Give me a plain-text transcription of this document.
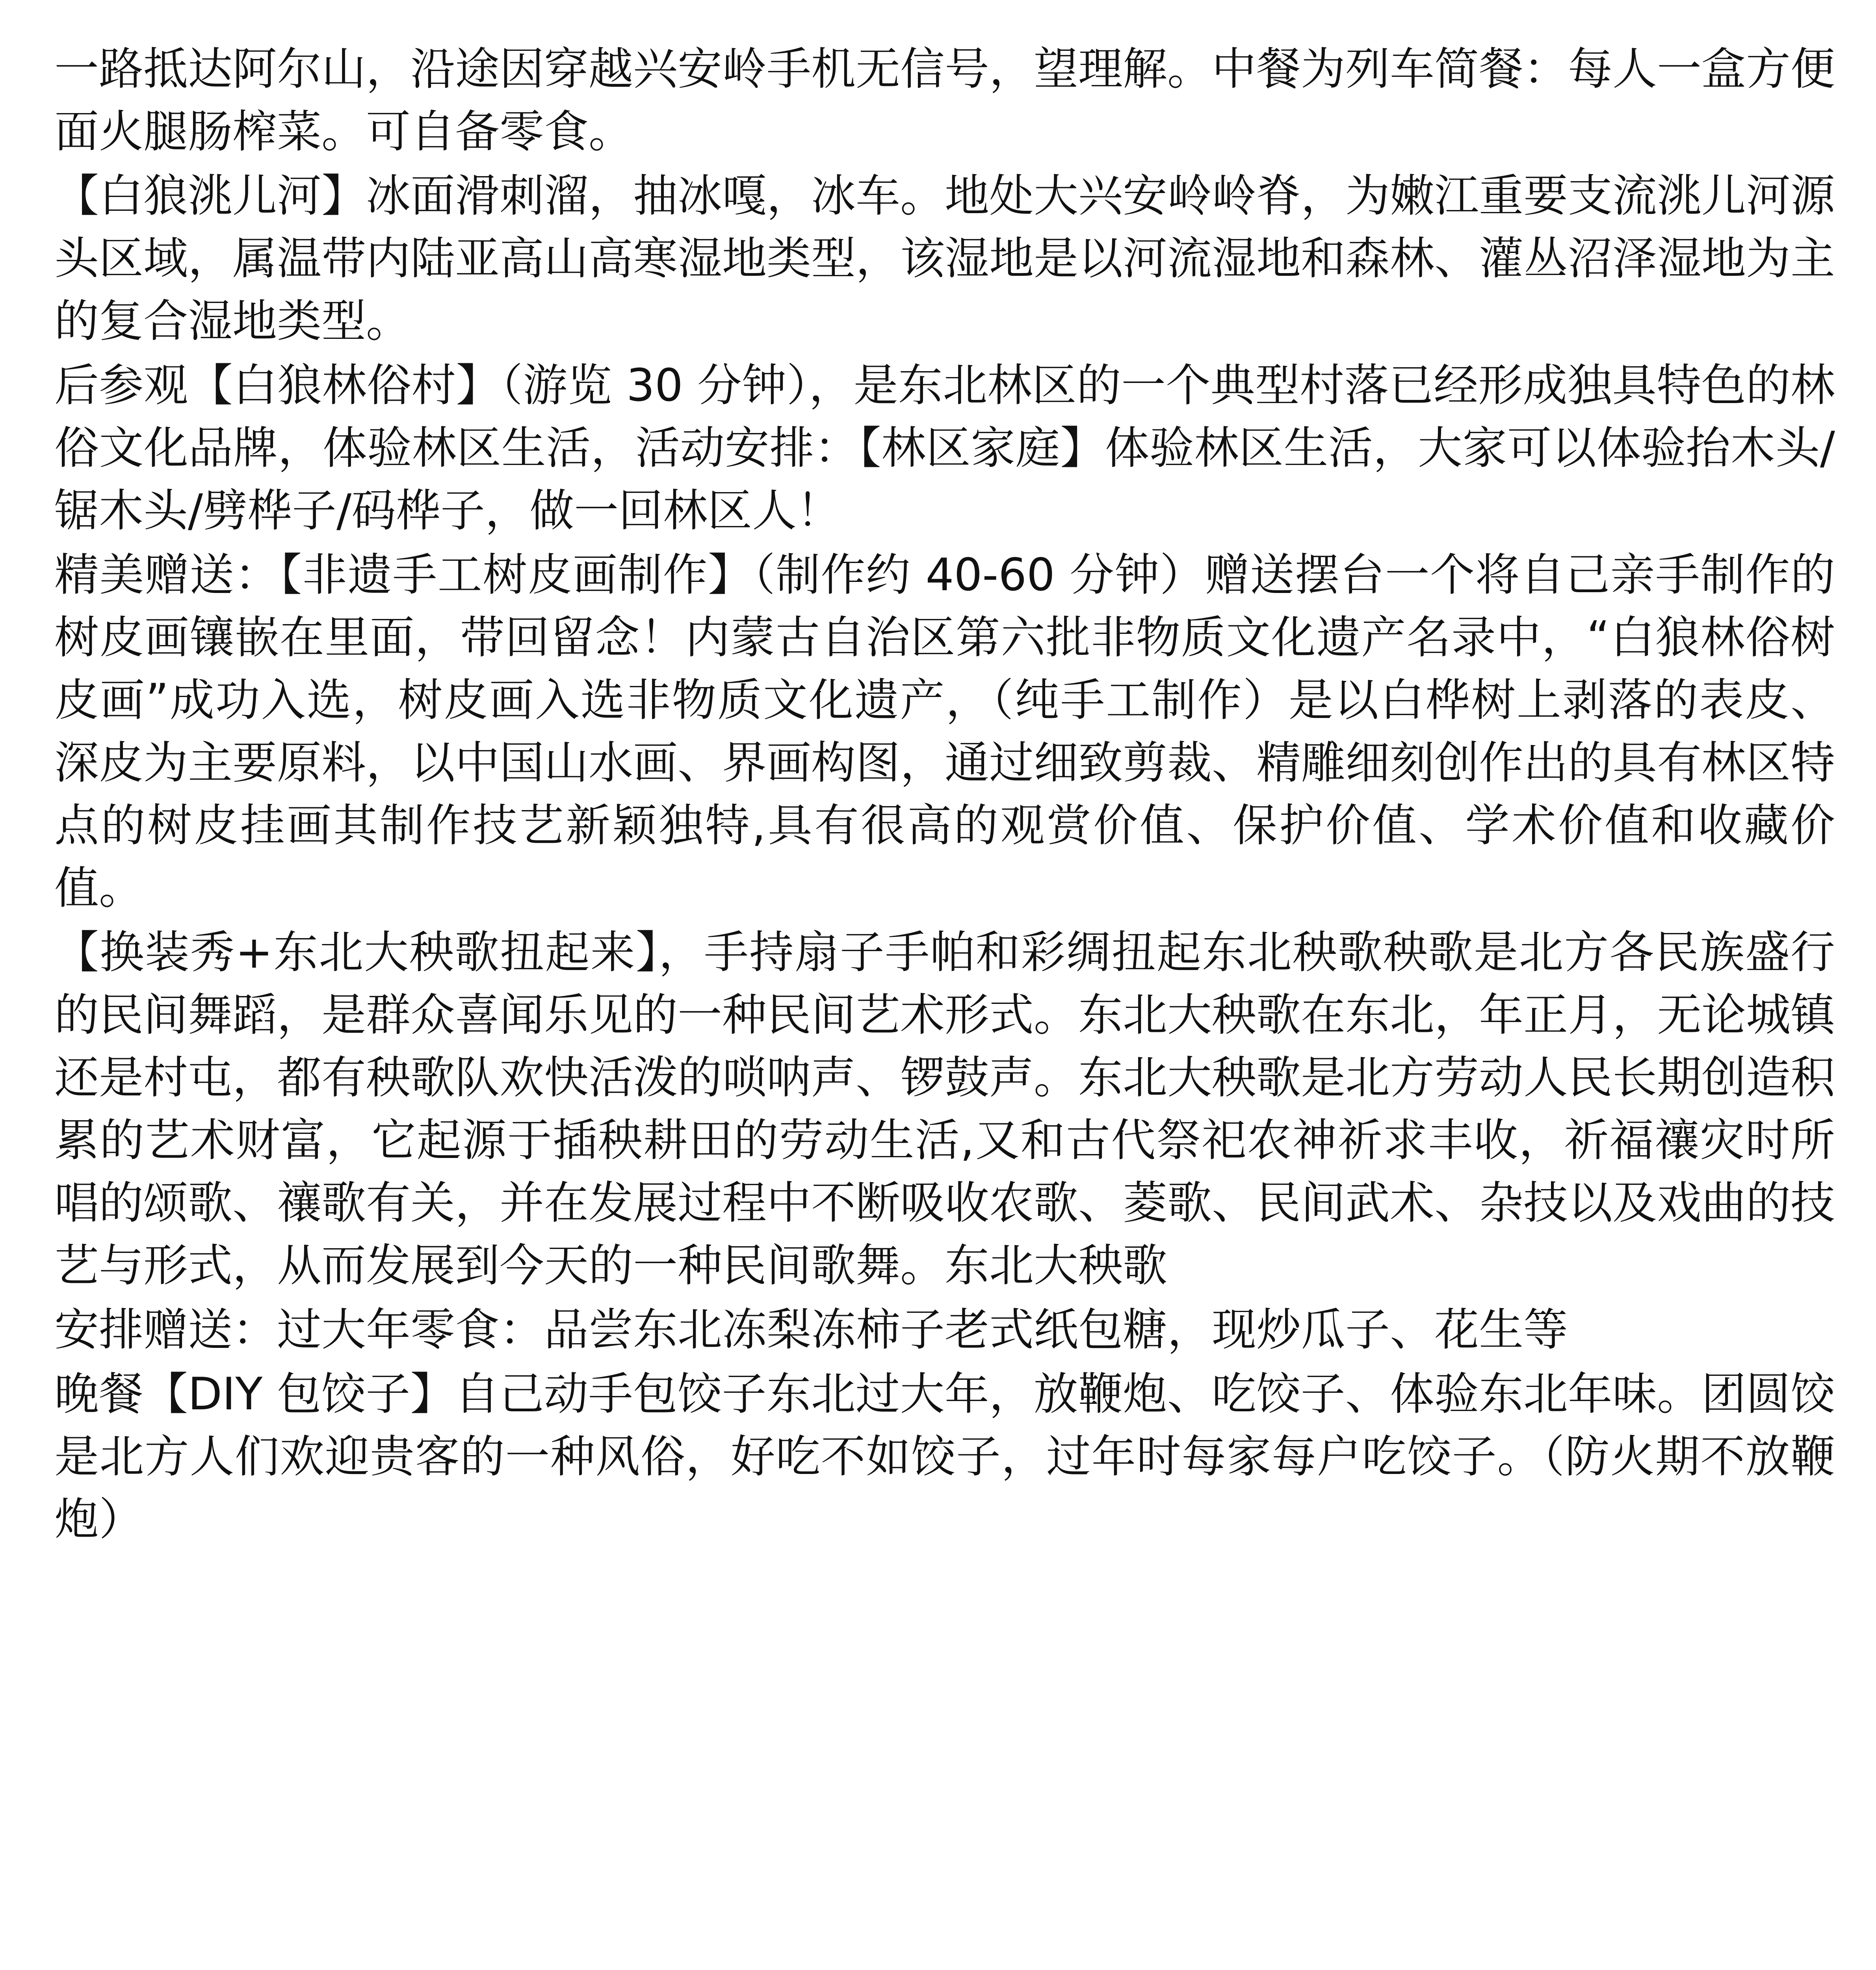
一路抵达阿尔山，沿途因穿越兴安岭手机无信号，望理解。中餐为列车简餐：每人一盒方便面火腿肠榨菜。可自备零食。

【白狼洮儿河】冰面滑刺溜，抽冰嘎，冰车。地处大兴安岭岭脊，为嫩江重要支流洮儿河源头区域，属温带内陆亚高山高寒湿地类型，该湿地是以河流湿地和森林、灌丛沼泽湿地为主的复合湿地类型。

后参观【白狼林俗村】（游览 30 分钟），是东北林区的一个典型村落已经形成独具特色的林俗文化品牌，体验林区生活，活动安排：【林区家庭】体验林区生活，大家可以体验抬木头/锯木头/劈桦子/码桦子，做一回林区人！

精美赠送：【非遗手工树皮画制作】（制作约 40-60 分钟）赠送摆台一个将自己亲手制作的树皮画镶嵌在里面，带回留念！内蒙古自治区第六批非物质文化遗产名录中，“白狼林俗树皮画”成功入选，树皮画入选非物质文化遗产，（纯手工制作）是以白桦树上剥落的表皮、深皮为主要原料，以中国山水画、界画构图，通过细致剪裁、精雕细刻创作出的具有林区特点的树皮挂画其制作技艺新颖独特,具有很高的观赏价值、保护价值、学术价值和收藏价值。

【换装秀+东北大秧歌扭起来】，手持扇子手帕和彩绸扭起东北秧歌秧歌是北方各民族盛行的民间舞蹈，是群众喜闻乐见的一种民间艺术形式。东北大秧歌在东北，年正月，无论城镇还是村屯，都有秧歌队欢快活泼的唢呐声、锣鼓声。东北大秧歌是北方劳动人民长期创造积累的艺术财富，它起源于插秧耕田的劳动生活,又和古代祭祀农神祈求丰收，祈福禳灾时所唱的颂歌、禳歌有关，并在发展过程中不断吸收农歌、菱歌、民间武术、杂技以及戏曲的技艺与形式，从而发展到今天的一种民间歌舞。东北大秧歌

安排赠送：过大年零食：品尝东北冻梨冻柿子老式纸包糖，现炒瓜子、花生等

晚餐【DIY 包饺子】自己动手包饺子东北过大年，放鞭炮、吃饺子、体验东北年味。团圆饺是北方人们欢迎贵客的一种风俗，好吃不如饺子，过年时每家每户吃饺子。（防火期不放鞭炮）
